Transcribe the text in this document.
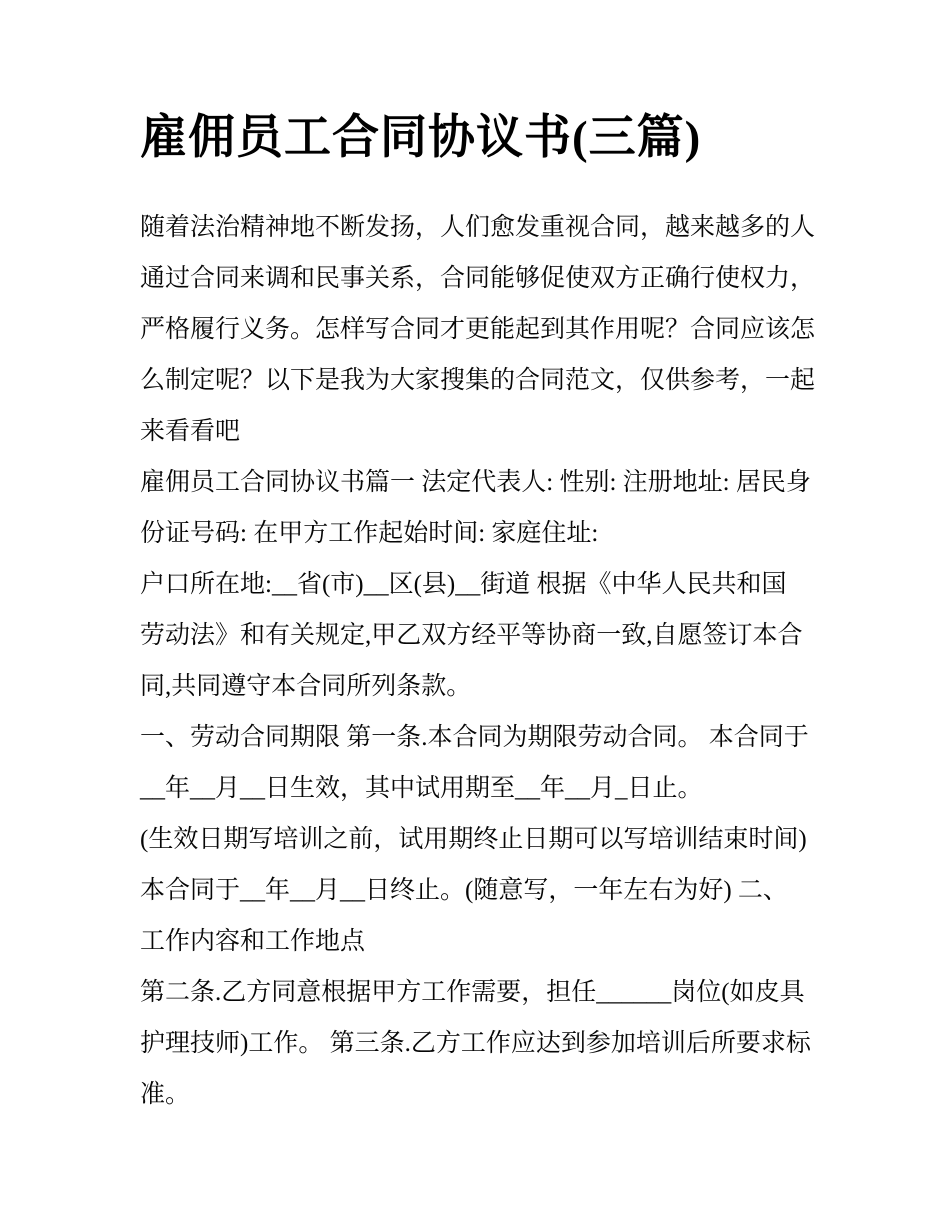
雇佣员工合同协议书(三篇)
随着法治精神地不断发扬，人们愈发重视合同，越来越多的人
通过合同来调和民事关系，合同能够促使双方正确行使权力，
严格履行义务。怎样写合同才更能起到其作用呢？合同应该怎
么制定呢？以下是我为大家搜集的合同范文，仅供参考，一起
来看看吧
雇佣员工合同协议书篇一 法定代表人: 性别: 注册地址: 居民身
份证号码: 在甲方工作起始时间: 家庭住址:
户口所在地:__省(市)__区(县)__街道 根据《中华人民共和国
劳动法》和有关规定,甲乙双方经平等协商一致,自愿签订本合
同,共同遵守本合同所列条款。
一、劳动合同期限 第一条.本合同为期限劳动合同。 本合同于
__年__月__日生效，其中试用期至__年__月_日止。
(生效日期写培训之前，试用期终止日期可以写培训结束时间)
本合同于__年__月__日终止。(随意写，一年左右为好) 二、
工作内容和工作地点
第二条.乙方同意根据甲方工作需要，担任______岗位(如皮具
护理技师)工作。 第三条.乙方工作应达到参加培训后所要求标
准。
